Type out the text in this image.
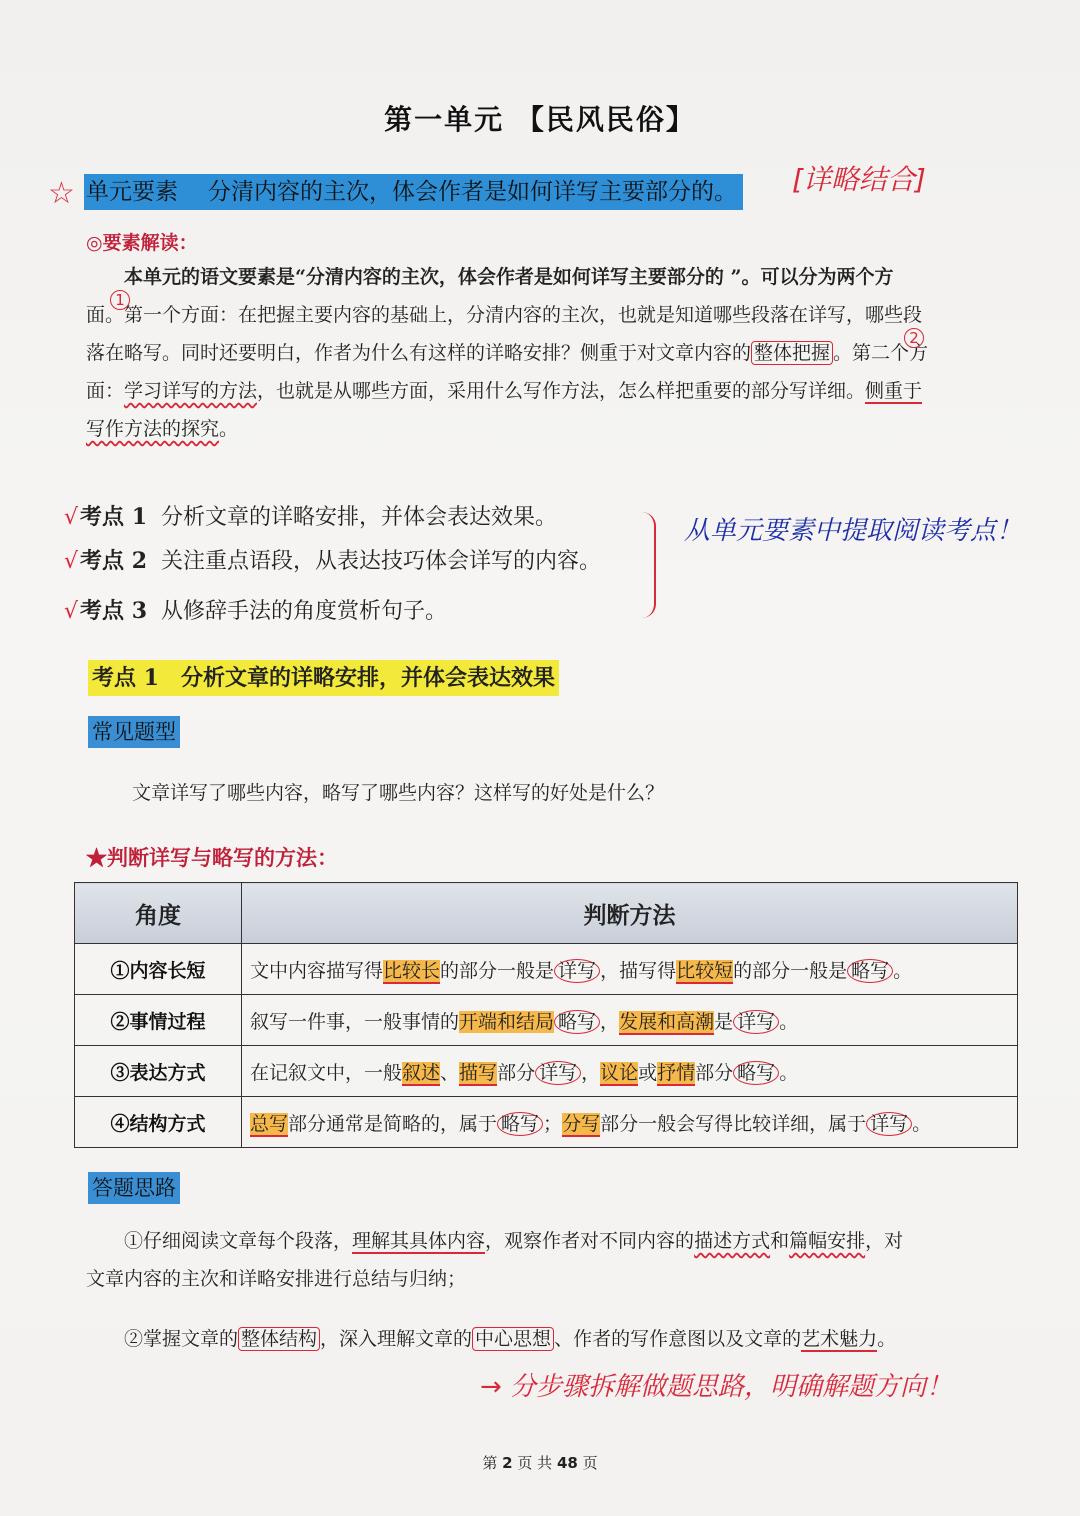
第一单元 【民风民俗】
☆ 单元要素 分清内容的主次，体会作者是如何详写主要部分的。 [详略结合]
◎要素解读：
本单元的语文要素是“分清内容的主次，体会作者是如何详写主要部分的 ”。可以分为两个方
面。第一个方面：在把握主要内容的基础上，分清内容的主次，也就是知道哪些段落在详写，哪些段
落在略写。同时还要明白，作者为什么有这样的详略安排？侧重于对文章内容的 整体把握 。第二个方
面：学习详写的方法，也就是从哪些方面，采用什么写作方法，怎么样把重要的部分写详细。侧重于
写作方法的探究。
1
2
√考点 1 分析文章的详略安排，并体会表达效果。
√考点 2 关注重点语段，从表达技巧体会详写的内容。
√考点 3 从修辞手法的角度赏析句子。
从单元要素中提取阅读考点！
考点 1　分析文章的详略安排，并体会表达效果
常见题型
文章详写了哪些内容，略写了哪些内容？这样写的好处是什么？
★判断详写与略写的方法：
角度	判断方法
①内容长短	文中内容描写得比较长的部分一般是 详写 ，描写得比较短的部分一般是 略写 。
②事情过程	叙写一件事，一般事情的开端和结局 略写 ，发展和高潮是 详写 。
③表达方式	在记叙文中，一般叙述、描写部分 详写 ，议论或抒情部分 略写 。
④结构方式	总写部分通常是简略的，属于 略写 ；分写部分一般会写得比较详细，属于 详写 。
答题思路
①仔细阅读文章每个段落，理解其具体内容，观察作者对不同内容的描述方式和篇幅安排，对
文章内容的主次和详略安排进行总结与归纳；
②掌握文章的 整体结构 ，深入理解文章的 中心思想 、作者的写作意图以及文章的艺术魅力。
→ 分步骤拆解做题思路，明确解题方向！
第 2 页 共 48 页
